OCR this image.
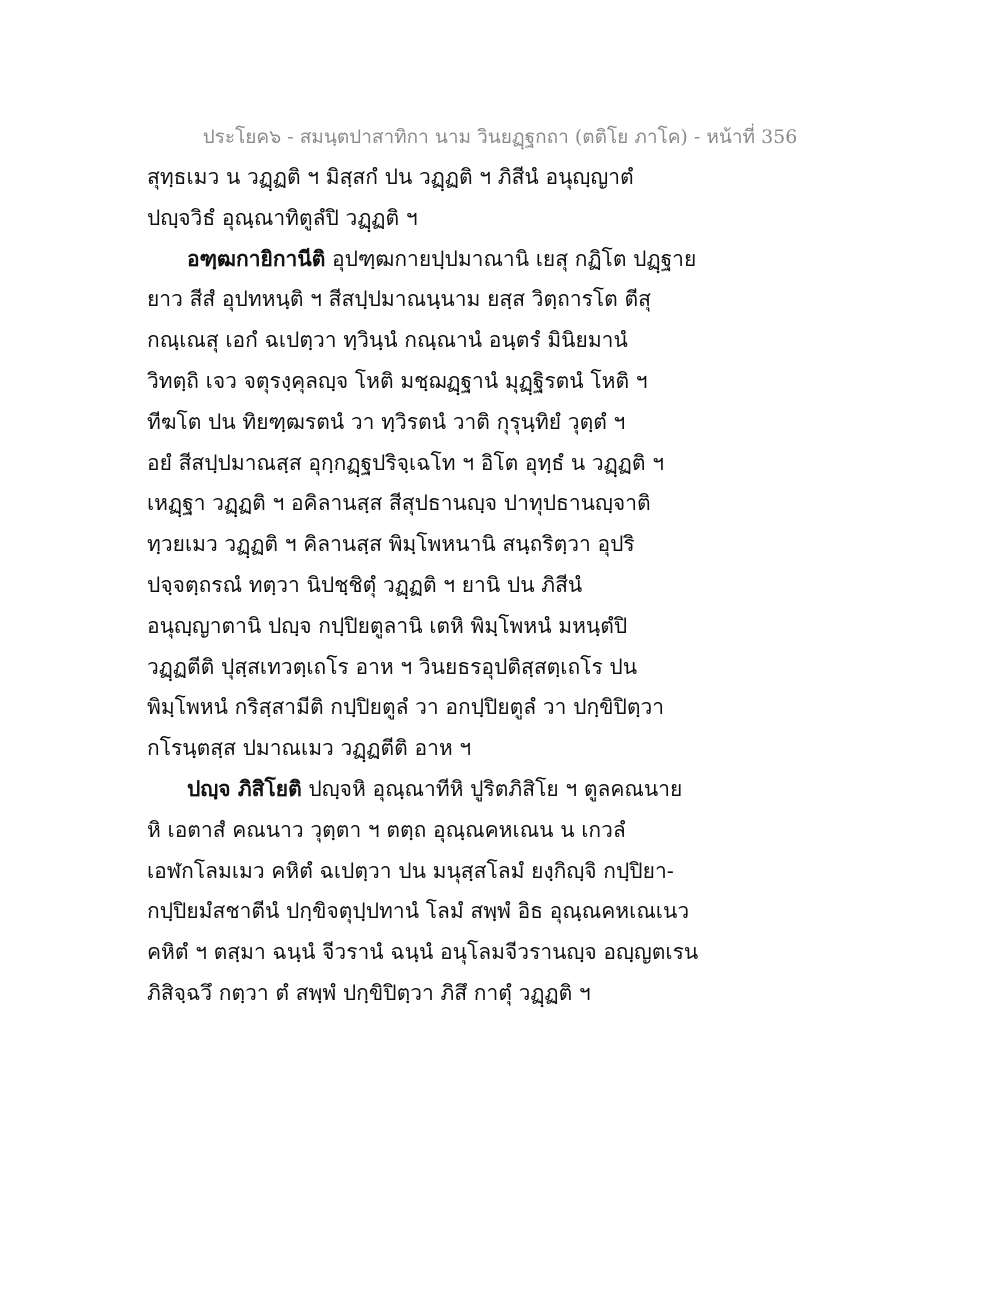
ประโยค๖ - สมนฺตปาสาทิกา นาม วินยฏฺฐกถา (ตติโย ภาโค) - หน้าที่ 356
สุทฺธเมว น วฏฺฏติ ฯ มิสฺสกํ ปน วฏฺฏติ ฯ ภิสีนํ อนุญฺญาตํ
ปญฺจวิธํ อุณฺณาทิตูลํปิ วฏฺฏติ ฯ
อฑฺฒกายิกานีติ อุปฑฺฒกายปฺปมาณานิ เยสุ กฏิโต ปฏฺฐาย
ยาว สีสํ อุปทหนฺติ ฯ สีสปฺปมาณนฺนาม ยสฺส วิตฺถารโต ตีสุ
กณฺเณสุ เอกํ ฉเปตฺวา ทฺวินฺนํ กณฺณานํ อนฺตรํ มินิยมานํ
วิทตฺถิ เจว จตุรงฺคุลญฺจ โหติ มชฺฌฏฺฐานํ มุฏฺฐิรตนํ โหติ ฯ
ทีฆโต ปน ทิยฑฺฒรตนํ วา ทฺวิรตนํ วาติ กุรุนฺทิยํ วุตฺตํ ฯ
อยํ สีสปฺปมาณสฺส อุกฺกฏฺฐปริจฺเฉโท ฯ อิโต อุทฺธํ น วฏฺฏติ ฯ
เหฏฺฐา วฏฺฏติ ฯ อคิลานสฺส สีสุปธานญฺจ ปาทุปธานญฺจาติ
ทฺวยเมว วฏฺฏติ ฯ คิลานสฺส พิมฺโพหนานิ สนฺถริตฺวา อุปริ
ปจฺจตฺถรณํ ทตฺวา นิปชฺชิตุํ วฏฺฏติ ฯ ยานิ ปน ภิสีนํ
อนุญฺญาตานิ ปญฺจ กปฺปิยตูลานิ เตหิ พิมฺโพหนํ มหนฺตํปิ
วฏฺฏตีติ ปุสฺสเทวตฺเถโร อาห ฯ วินยธรอุปติสฺสตฺเถโร ปน
พิมฺโพหนํ กริสฺสามีติ กปฺปิยตูลํ วา อกปฺปิยตูลํ วา ปกฺขิปิตฺวา
กโรนฺตสฺส ปมาณเมว วฏฺฏตีติ อาห ฯ
ปญฺจ ภิสิโยติ ปญฺจหิ อุณฺณาทีหิ ปูริตภิสิโย ฯ ตูลคณนาย
หิ เอตาสํ คณนาว วุตฺตา ฯ ตตฺถ อุณฺณคหเณน น เกวลํ
เอฬกโลมเมว คหิตํ ฉเปตฺวา ปน มนุสฺสโลมํ ยงฺกิญฺจิ กปฺปิยา-
กปฺปิยมํสชาตีนํ ปกฺขิจตุปฺปทานํ โลมํ สพฺพํ อิธ อุณฺณคหเณเนว
คหิตํ ฯ ตสฺมา ฉนฺนํ จีวรานํ ฉนฺนํ อนุโลมจีวรานญฺจ อญฺญตเรน
ภิสิจฺฉวึ กตฺวา ตํ สพฺพํ ปกฺขิปิตฺวา ภิสึ กาตุํ วฏฺฏติ ฯ
